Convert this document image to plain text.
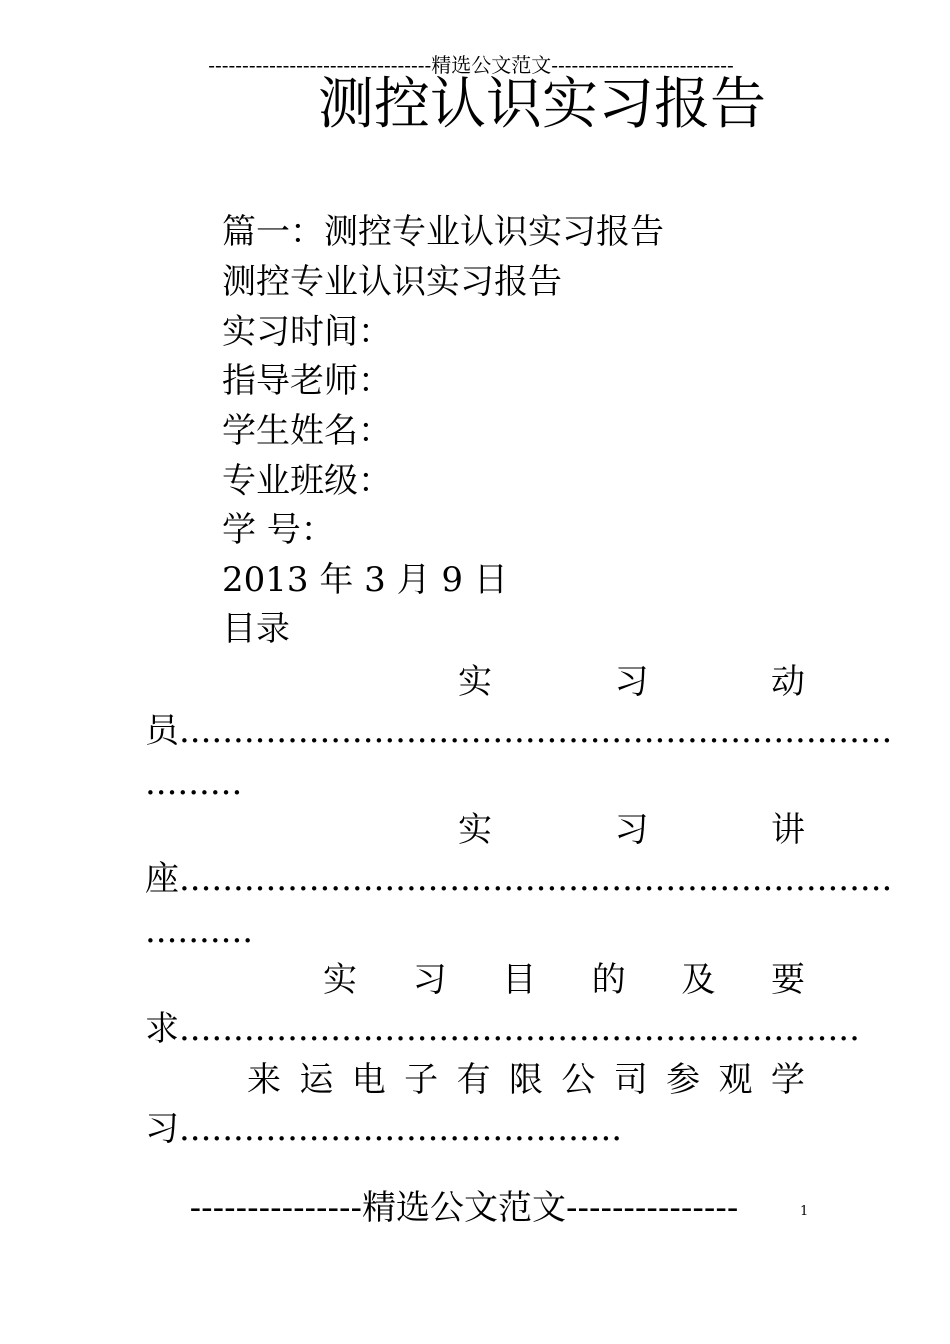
---------------------------------精选公文范文---------------------------
测控认识实习报告
篇一：测控专业认识实习报告
测控专业认识实习报告
实习时间：
指导老师：
学生姓名：
专业班级：
学 号：
2013 年 3 月 9 日
目录
实	习	动
员..................................................................
.........
实	习	讲
座..................................................................
..........
实 习 目 的 及 要
求...............................................................
来 运 电 子 有 限 公 司 参 观 学
习.........................................
---------------精选公文范文---------------	1
